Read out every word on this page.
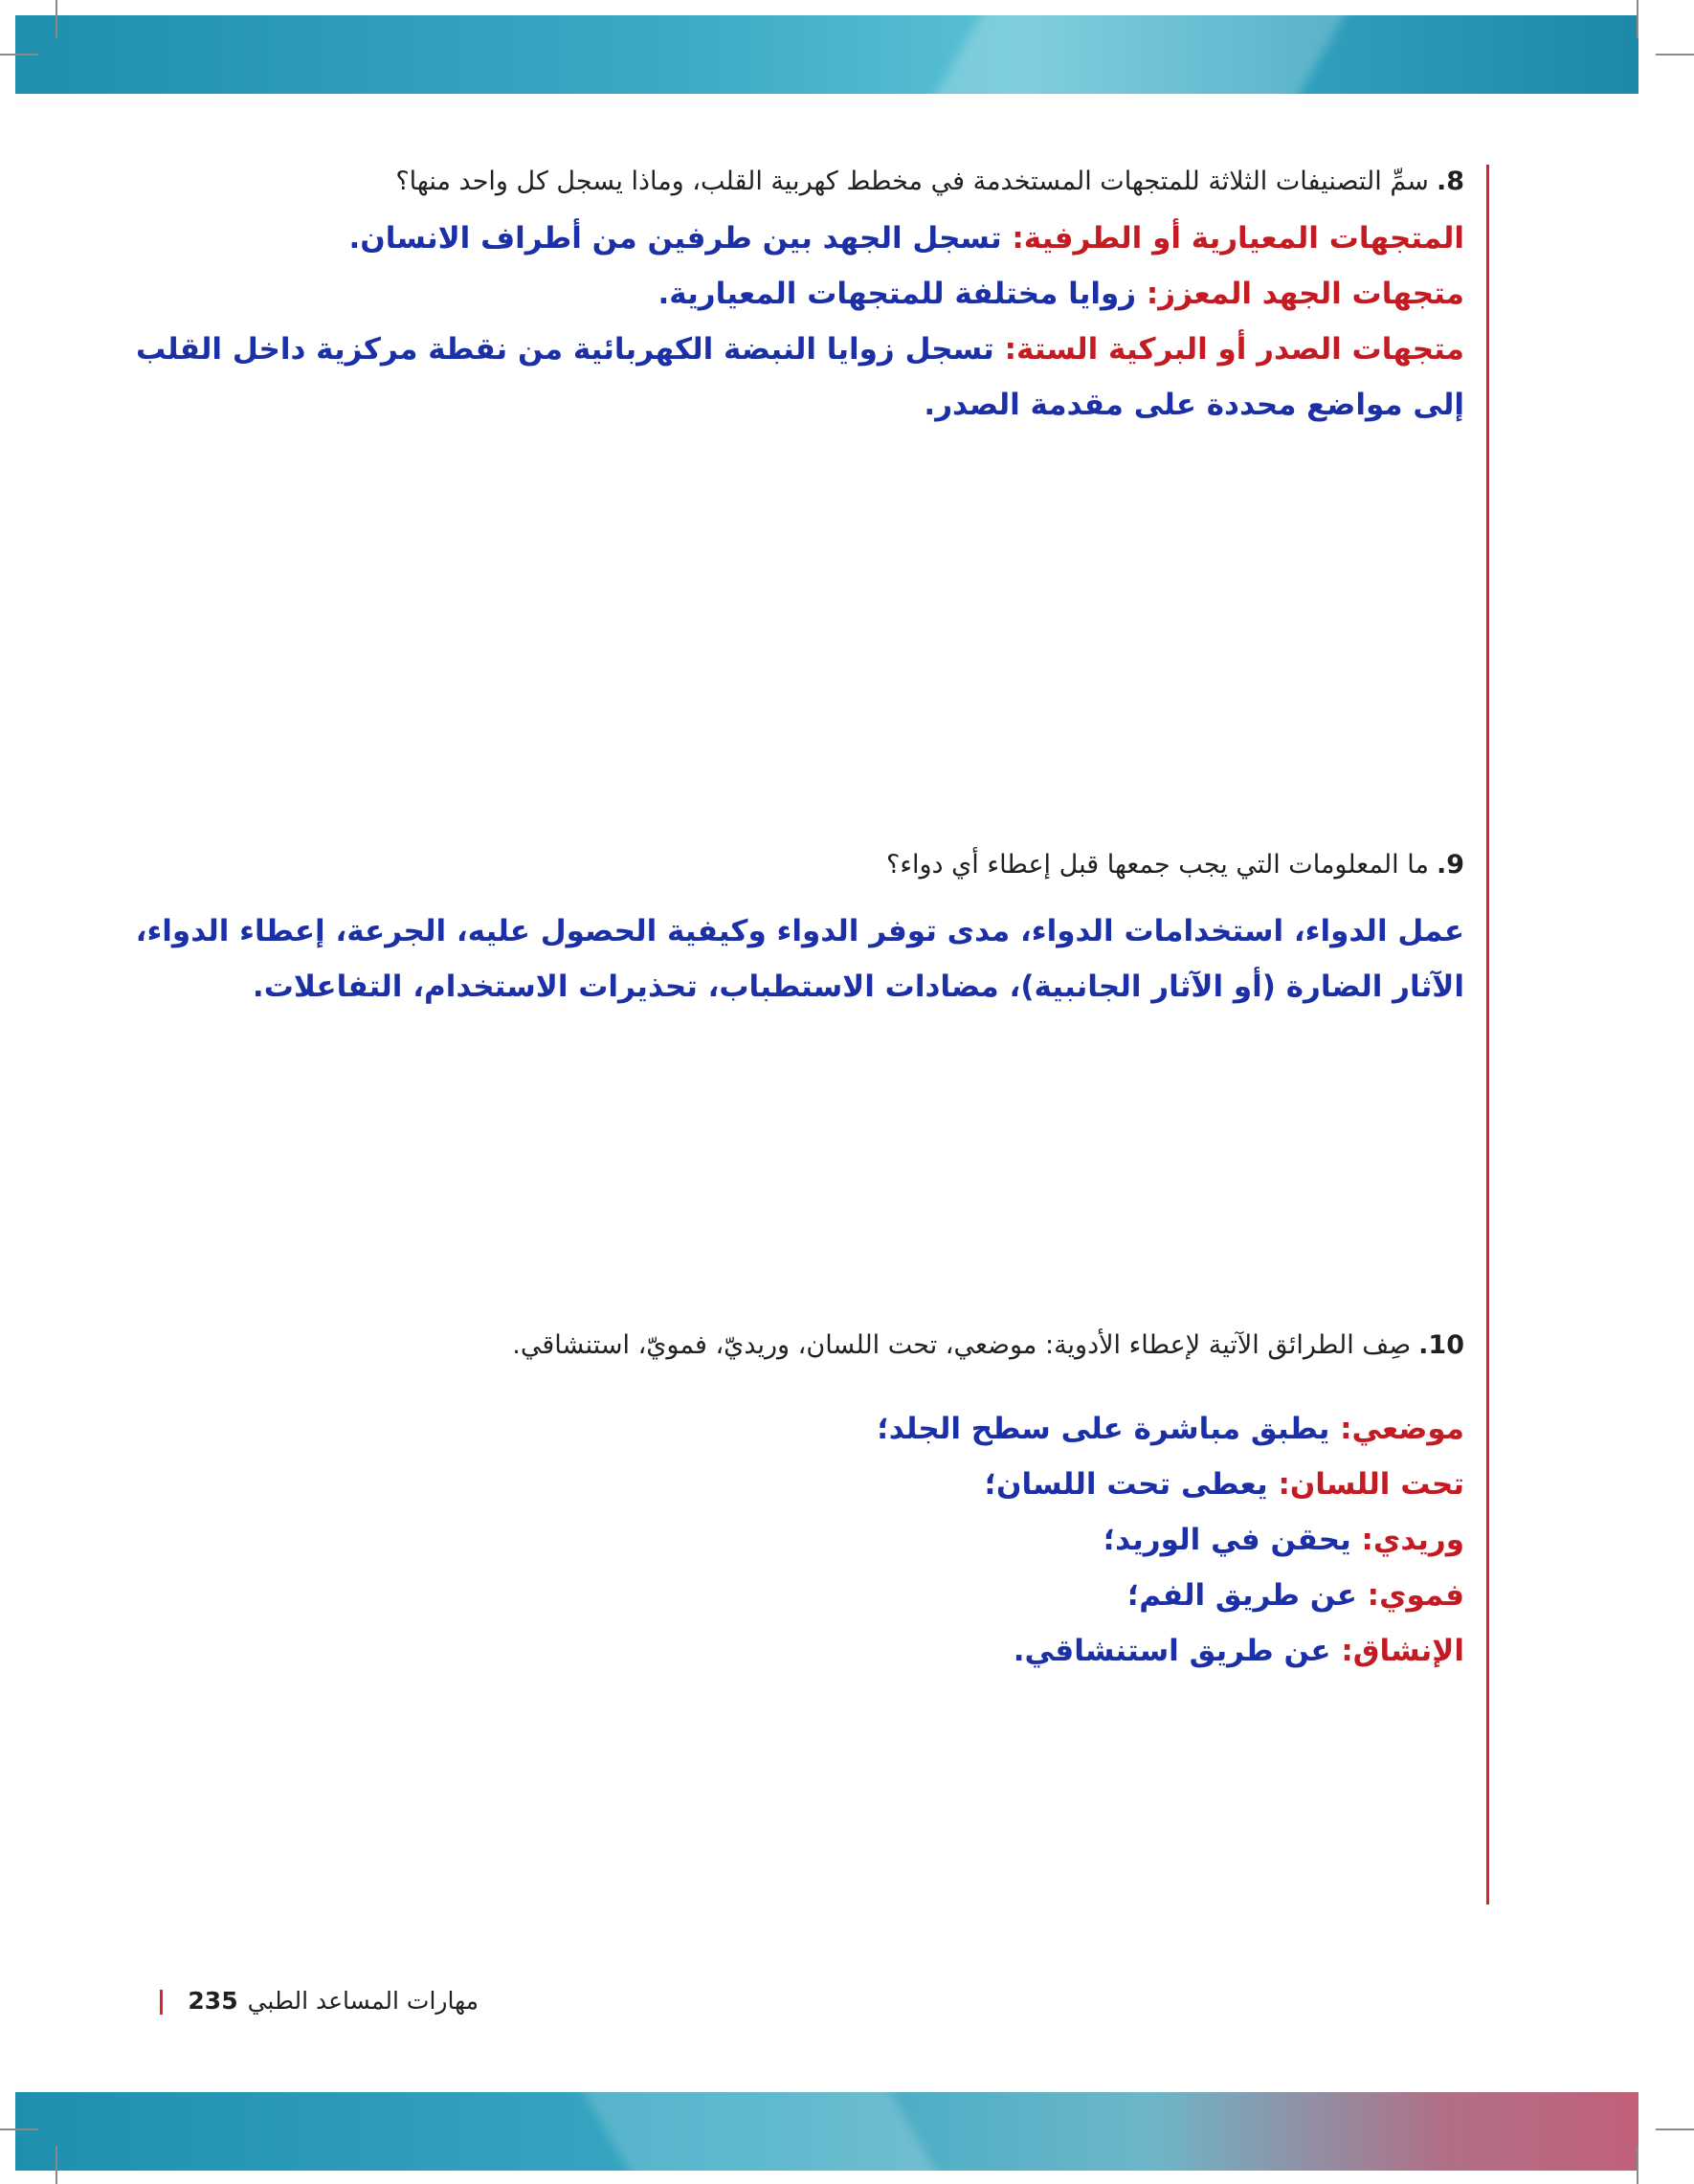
8.سمِّ التصنيفات الثلاثة للمتجهات المستخدمة في مخطط كهربية القلب، وماذا يسجل كل واحد منها؟
المتجهات المعيارية أو الطرفية: تسجل الجهد بين طرفين من أطراف الانسان.
متجهات الجهد المعزز: زوايا مختلفة للمتجهات المعيارية.
متجهات الصدر أو البركية الستة: تسجل زوايا النبضة الكهربائية من نقطة مركزية داخل القلب إلى مواضع محددة على مقدمة الصدر.
9.ما المعلومات التي يجب جمعها قبل إعطاء أي دواء؟
عمل الدواء، استخدامات الدواء، مدى توفر الدواء وكيفية الحصول عليه، الجرعة، إعطاء الدواء، الآثار الضارة (أو الآثار الجانبية)، مضادات الاستطباب، تحذيرات الاستخدام، التفاعلات.
10.صِف الطرائق الآتية لإعطاء الأدوية: موضعي، تحت اللسان، وريديّ، فمويّ، استنشاقي.
موضعي: يطبق مباشرة على سطح الجلد؛
تحت اللسان: يعطى تحت اللسان؛
وريدي: يحقن في الوريد؛
فموي: عن طريق الفم؛
الإنشاق: عن طريق استنشاقي.
مهارات المساعد الطبي235
